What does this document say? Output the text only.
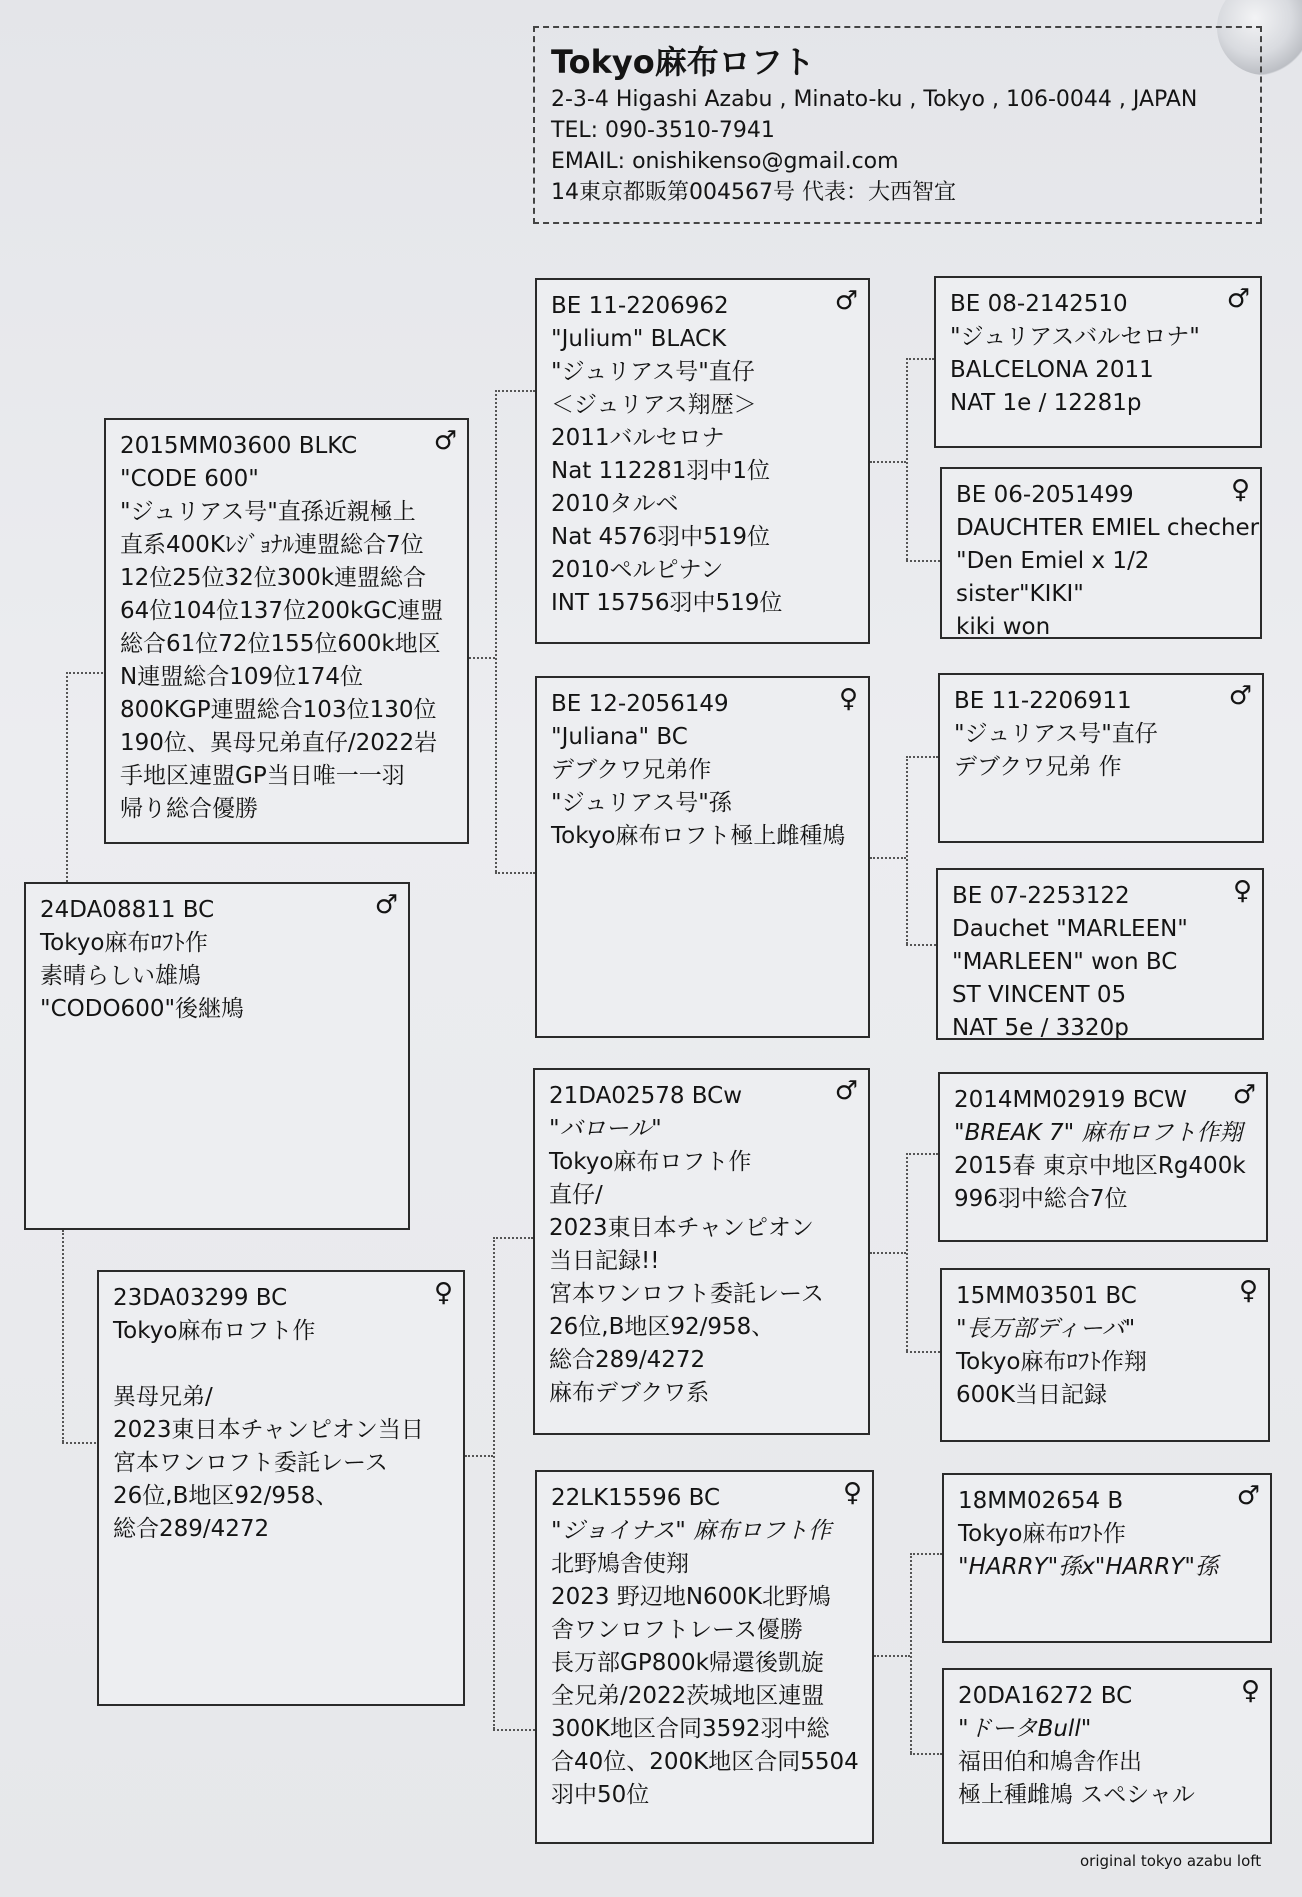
Tokyo麻布ロフト
2-3-4 Higashi Azabu , Minato-ku , Tokyo , 106-0044 , JAPAN
TEL: 090-3510-7941
EMAIL: onishikenso@gmail.com
14東京都販第004567号 代表：大西智宜
♂
24DA08811 BC
Tokyo麻布ﾛﾌﾄ作
素晴らしい雄鳩
"CODO600"後継鳩
♂
2015MM03600 BLKC
"CODE 600"
"ジュリアス号"直孫近親極上
直系400Kﾚｼﾞｮﾅﾙ連盟総合7位
12位25位32位300k連盟総合
64位104位137位200kGC連盟
総合61位72位155位600k地区
N連盟総合109位174位
800KGP連盟総合103位130位
190位、異母兄弟直仔/2022岩
手地区連盟GP当日唯一一羽
帰り総合優勝
♀
23DA03299 BC
Tokyo麻布ロフト作
異母兄弟/
2023東日本チャンピオン当日
宮本ワンロフト委託レース
26位,B地区92/958、
総合289/4272
♂
BE 11-2206962
"Julium" BLACK
"ジュリアス号"直仔
＜ジュリアス翔歴＞
2011バルセロナ
Nat 112281羽中1位
2010タルベ
Nat 4576羽中519位
2010ペルピナン
INT 15756羽中519位
♀
BE 12-2056149
"Juliana" BC
デブクワ兄弟作
"ジュリアス号"孫
Tokyo麻布ロフト極上雌種鳩
♂
21DA02578 BCw
"バロール"
Tokyo麻布ロフト作
直仔/
2023東日本チャンピオン
当日記録!!
宮本ワンロフト委託レース
26位,B地区92/958、
総合289/4272
麻布デブクワ系
♀
22LK15596 BC
"ジョイナス" 麻布ロフト作
北野鳩舎使翔
2023 野辺地N600K北野鳩
舎ワンロフトレース優勝
長万部GP800k帰還後凱旋
全兄弟/2022茨城地区連盟
300K地区合同3592羽中総
合40位、200K地区合同5504
羽中50位
♂
BE 08-2142510
"ジュリアスバルセロナ"
BALCELONA 2011
NAT 1e / 12281p
♀
BE 06-2051499
DAUCHTER EMIEL checher
"Den Emiel x 1/2
sister"KIKI"
kiki won
♂
BE 11-2206911
"ジュリアス号"直仔
デブクワ兄弟 作
♀
BE 07-2253122
Dauchet "MARLEEN"
"MARLEEN" won BC
ST VINCENT 05
NAT 5e / 3320p
♂
2014MM02919 BCW
"BREAK 7" 麻布ロフト作翔
2015春 東京中地区Rg400k
996羽中総合7位
♀
15MM03501 BC
"長万部ディーバ"
Tokyo麻布ﾛﾌﾄ作翔
600K当日記録
♂
18MM02654 B
Tokyo麻布ﾛﾌﾄ作
"HARRY"孫x"HARRY"孫
♀
20DA16272 BC
"ドータBull"
福田伯和鳩舎作出
極上種雌鳩 スペシャル
original tokyo azabu loft
